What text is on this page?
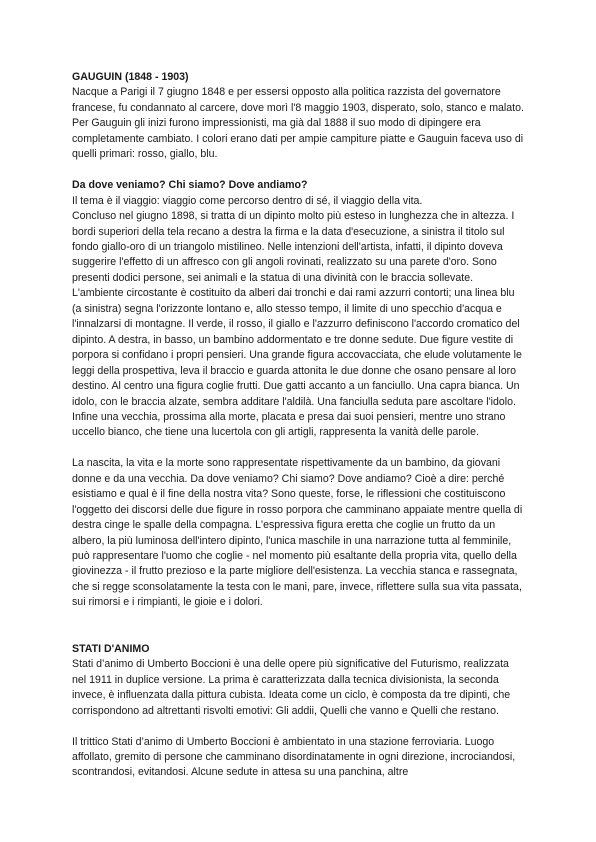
GAUGUIN (1848 - 1903)

Nacque a Parigi il 7 giugno 1848 e per essersi opposto alla politica razzista del governatore francese, fu condannato al carcere, dove morì l'8 maggio 1903, disperato, solo, stanco e malato. Per Gauguin gli inizi furono impressionisti, ma già dal 1888 il suo modo di dipingere era completamente cambiato. I colori erano dati per ampie campiture piatte e Gauguin faceva uso di quelli primari: rosso, giallo, blu.

Da dove veniamo? Chi siamo? Dove andiamo?

Il tema è il viaggio: viaggio come percorso dentro di sé, il viaggio della vita.

Concluso nel giugno 1898, si tratta di un dipinto molto più esteso in lunghezza che in altezza. I bordi superiori della tela recano a destra la firma e la data d'esecuzione, a sinistra il titolo sul fondo giallo-oro di un triangolo mistilineo. Nelle intenzioni dell'artista, infatti, il dipinto doveva suggerire l'effetto di un affresco con gli angoli rovinati, realizzato su una parete d'oro. Sono presenti dodici persone, sei animali e la statua di una divinità con le braccia sollevate. L'ambiente circostante è costituito da alberi dai tronchi e dai rami azzurri contorti; una linea blu (a sinistra) segna l'orizzonte lontano e, allo stesso tempo, il limite di uno specchio d'acqua e l'innalzarsi di montagne. Il verde, il rosso, il giallo e l'azzurro definiscono l'accordo cromatico del dipinto. A destra, in basso, un bambino addormentato e tre donne sedute. Due figure vestite di porpora si confidano i propri pensieri. Una grande figura accovacciata, che elude volutamente le leggi della prospettiva, leva il braccio e guarda attonita le due donne che osano pensare al loro destino. Al centro una figura coglie frutti. Due gatti accanto a un fanciullo. Una capra bianca. Un idolo, con le braccia alzate, sembra additare l'aldilà. Una fanciulla seduta pare ascoltare l'idolo. Infine una vecchia, prossima alla morte, placata e presa dai suoi pensieri, mentre uno strano uccello bianco, che tiene una lucertola con gli artigli, rappresenta la vanità delle parole.

La nascita, la vita e la morte sono rappresentate rispettivamente da un bambino, da giovani donne e da una vecchia. Da dove veniamo? Chi siamo? Dove andiamo? Cioè a dire: perché esistiamo e qual è il fine della nostra vita? Sono queste, forse, le riflessioni che costituiscono l'oggetto dei discorsi delle due figure in rosso porpora che camminano appaiate mentre quella di destra cinge le spalle della compagna. L'espressiva figura eretta che coglie un frutto da un albero, la più luminosa dell'intero dipinto, l'unica maschile in una narrazione tutta al femminile, può rappresentare l'uomo che coglie - nel momento più esaltante della propria vita, quello della giovinezza - il frutto prezioso e la parte migliore dell'esistenza. La vecchia stanca e rassegnata, che si regge sconsolatamente la testa con le mani, pare, invece, riflettere sulla sua vita passata, sui rimorsi e i rimpianti, le gioie e i dolori.

STATI D'ANIMO

Stati d’animo di Umberto Boccioni è una delle opere più significative del Futurismo, realizzata nel 1911 in duplice versione. La prima è caratterizzata dalla tecnica divisionista, la seconda invece, è influenzata dalla pittura cubista. Ideata come un ciclo, è composta da tre dipinti, che corrispondono ad altrettanti risvolti emotivi: Gli addii, Quelli che vanno e Quelli che restano.

Il trittico Stati d’animo di Umberto Boccioni è ambientato in una stazione ferroviaria. Luogo affollato, gremito di persone che camminano disordinatamente in ogni direzione, incrociandosi, scontrandosi, evitandosi. Alcune sedute in attesa su una panchina, altre
